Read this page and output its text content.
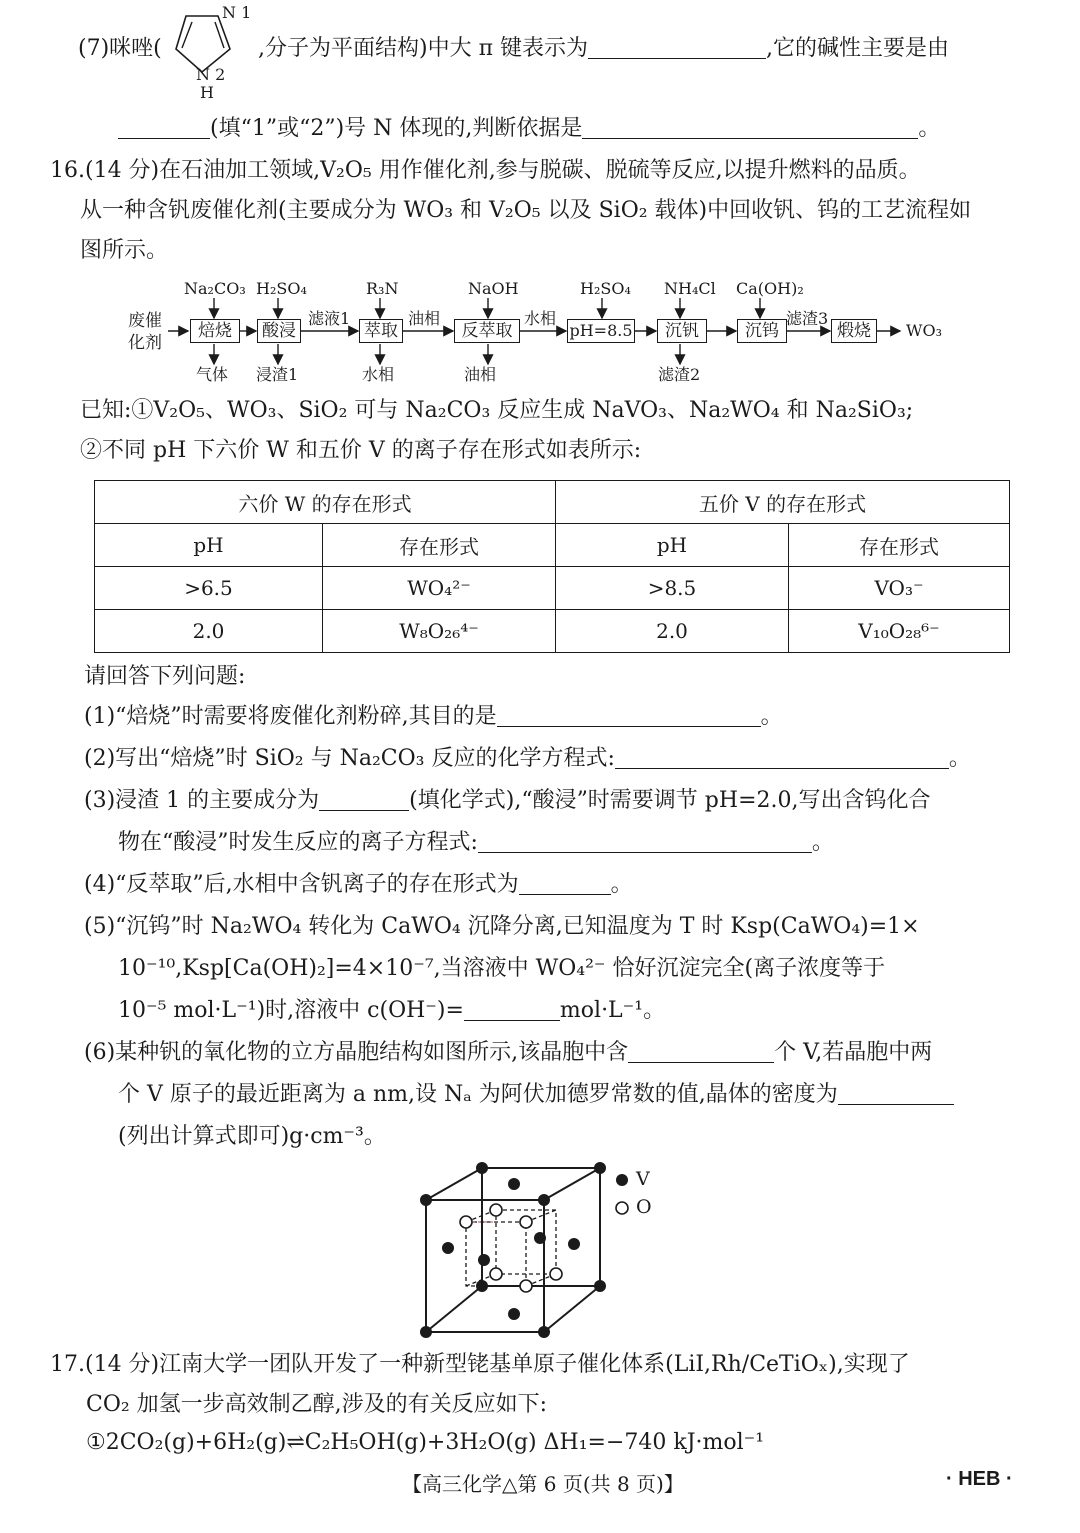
(7)咪唑(
N 1
N 2
H
,分子为平面结构)中大 π 键表示为	,它的碱性主要是由
(填“1”或“2”)号 N 体现的,判断依据是	。
16.(14 分)在石油加工领域,V₂O₅ 用作催化剂,参与脱碳、脱硫等反应,以提升燃料的品质。
从一种含钒废催化剂(主要成分为 WO₃ 和 V₂O₅ 以及 SiO₂ 载体)中回收钒、钨的工艺流程如
图所示。
废催
化剂
焙烧	酸浸	萃取	反萃取	pH=8.5	沉钒	沉钨	煅烧
Na₂CO₃ H₂SO₄	R₃N	NaOH	H₂SO₄ NH₄Cl Ca(OH)₂
滤液1	油相	水相	滤渣3
气体 浸渣1	水相	油相	滤渣2
WO₃
已知:①V₂O₅、WO₃、SiO₂ 可与 Na₂CO₃ 反应生成 NaVO₃、Na₂WO₄ 和 Na₂SiO₃;
②不同 pH 下六价 W 和五价 V 的离子存在形式如表所示:
六价 W 的存在形式		五价 V 的存在形式	
pH	存在形式	pH	存在形式
>6.5	WO₄²⁻	>8.5	VO₃⁻
2.0	W₈O₂₆⁴⁻	2.0	V₁₀O₂₈⁶⁻
请回答下列问题:
(1)“焙烧”时需要将废催化剂粉碎,其目的是	。
(2)写出“焙烧”时 SiO₂ 与 Na₂CO₃ 反应的化学方程式:	。
(3)浸渣 1 的主要成分为	(填化学式),“酸浸”时需要调节 pH=2.0,写出含钨化合
物在“酸浸”时发生反应的离子方程式:	。
(4)“反萃取”后,水相中含钒离子的存在形式为	。
(5)“沉钨”时 Na₂WO₄ 转化为 CaWO₄ 沉降分离,已知温度为 T 时 Ksp(CaWO₄)=1×
10⁻¹⁰,Ksp[Ca(OH)₂]=4×10⁻⁷,当溶液中 WO₄²⁻ 恰好沉淀完全(离子浓度等于
10⁻⁵ mol·L⁻¹)时,溶液中 c(OH⁻)=	mol·L⁻¹。
(6)某种钒的氧化物的立方晶胞结构如图所示,该晶胞中含	个 V,若晶胞中两
个 V 原子的最近距离为 a nm,设 Nₐ 为阿伏加德罗常数的值,晶体的密度为
(列出计算式即可)g·cm⁻³。
V
O
17.(14 分)江南大学一团队开发了一种新型铑基单原子催化体系(LiI,Rh/CeTiOₓ),实现了
CO₂ 加氢一步高效制乙醇,涉及的有关反应如下:
①2CO₂(g)+6H₂(g)⇌C₂H₅OH(g)+3H₂O(g) ΔH₁=−740 kJ·mol⁻¹
【高三化学△第 6 页(共 8 页)】	· HEB ·
